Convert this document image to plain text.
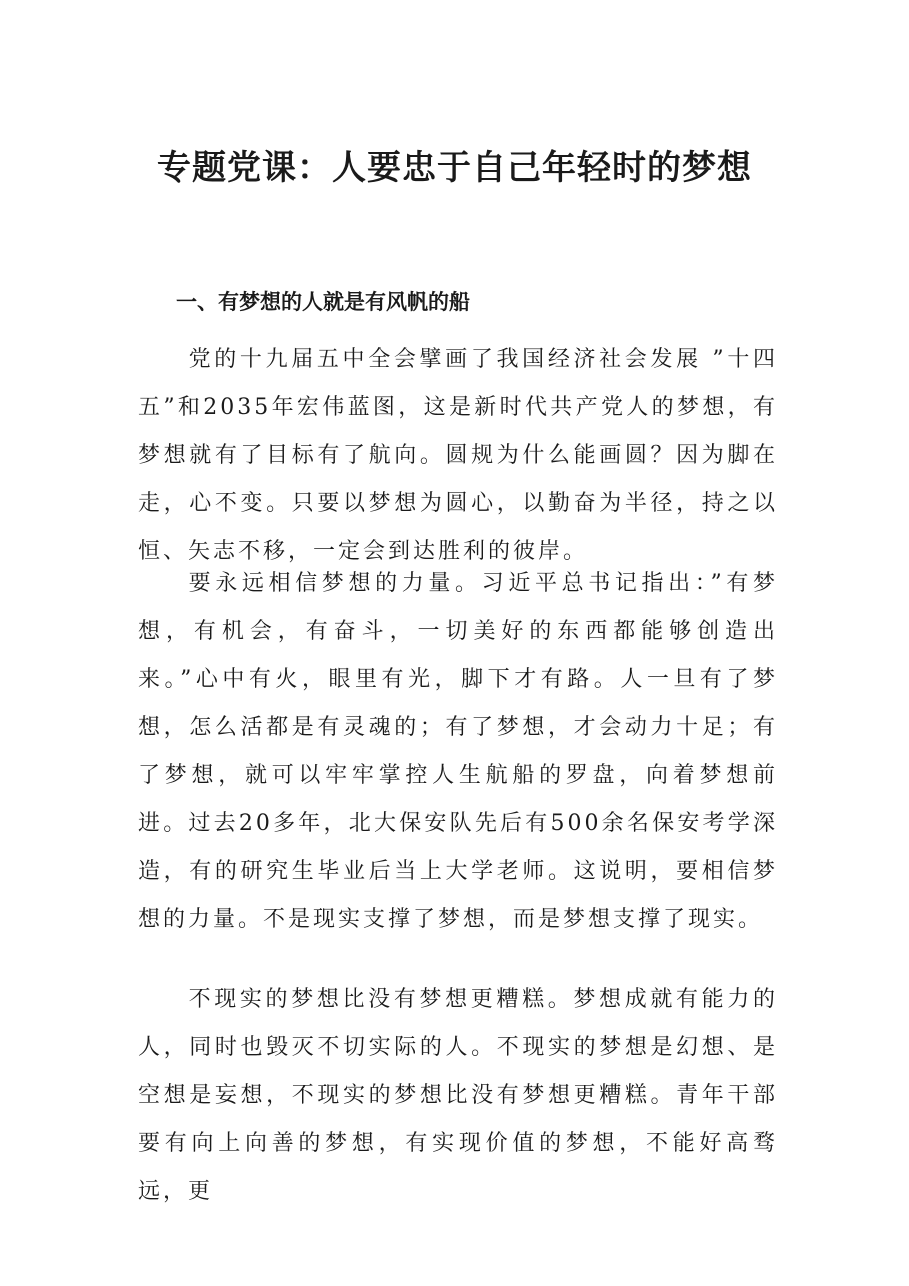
专题党课：人要忠于自己年轻时的梦想
一、有梦想的人就是有风帆的船

党的十九届五中全会擘画了我国经济社会发展 ”十四五”和2035年宏伟蓝图，这是新时代共产党人的梦想，有梦想就有了目标有了航向。圆规为什么能画圆？因为脚在走，心不变。只要以梦想为圆心，以勤奋为半径，持之以恒、矢志不移，一定会到达胜利的彼岸。

要永远相信梦想的力量。习近平总书记指出：”有梦想，有机会，有奋斗，一切美好的东西都能够创造出来。”心中有火，眼里有光，脚下才有路。人一旦有了梦想，怎么活都是有灵魂的；有了梦想，才会动力十足；有了梦想，就可以牢牢掌控人生航船的罗盘，向着梦想前进。过去20多年，北大保安队先后有500余名保安考学深造，有的研究生毕业后当上大学老师。这说明，要相信梦想的力量。不是现实支撑了梦想，而是梦想支撑了现实。

不现实的梦想比没有梦想更糟糕。梦想成就有能力的人，同时也毁灭不切实际的人。不现实的梦想是幻想、是空想是妄想，不现实的梦想比没有梦想更糟糕。青年干部要有向上向善的梦想，有实现价值的梦想，不能好高骛远，更
